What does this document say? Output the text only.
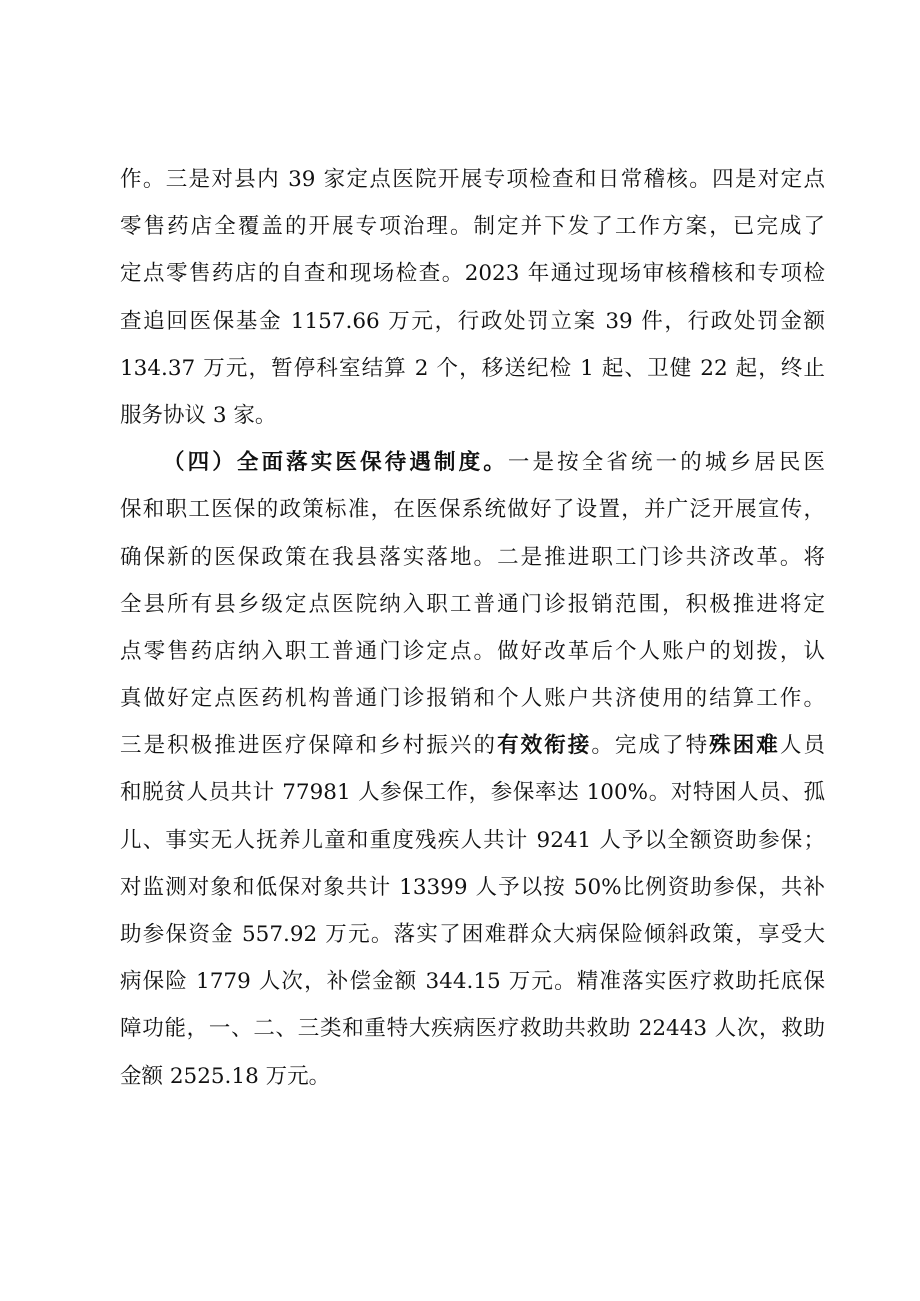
作。三是对县内 39 家定点医院开展专项检查和日常稽核。四是对定点
零售药店全覆盖的开展专项治理。制定并下发了工作方案，已完成了
定点零售药店的自查和现场检查。2023 年通过现场审核稽核和专项检
查追回医保基金 1157.66 万元，行政处罚立案 39 件，行政处罚金额
134.37 万元，暂停科室结算 2 个，移送纪检 1 起、卫健 22 起，终止
服务协议 3 家。
（四）全面落实医保待遇制度。一是按全省统一的城乡居民医
保和职工医保的政策标准，在医保系统做好了设置，并广泛开展宣传，
确保新的医保政策在我县落实落地。二是推进职工门诊共济改革。将
全县所有县乡级定点医院纳入职工普通门诊报销范围，积极推进将定
点零售药店纳入职工普通门诊定点。做好改革后个人账户的划拨，认
真做好定点医药机构普通门诊报销和个人账户共济使用的结算工作。
三是积极推进医疗保障和乡村振兴的有效衔接。完成了特殊困难人员
和脱贫人员共计 77981 人参保工作，参保率达 100%。对特困人员、孤
儿、事实无人抚养儿童和重度残疾人共计 9241 人予以全额资助参保；
对监测对象和低保对象共计 13399 人予以按 50%比例资助参保，共补
助参保资金 557.92 万元。落实了困难群众大病保险倾斜政策，享受大
病保险 1779 人次，补偿金额 344.15 万元。精准落实医疗救助托底保
障功能，一、二、三类和重特大疾病医疗救助共救助 22443 人次，救助
金额 2525.18 万元。
